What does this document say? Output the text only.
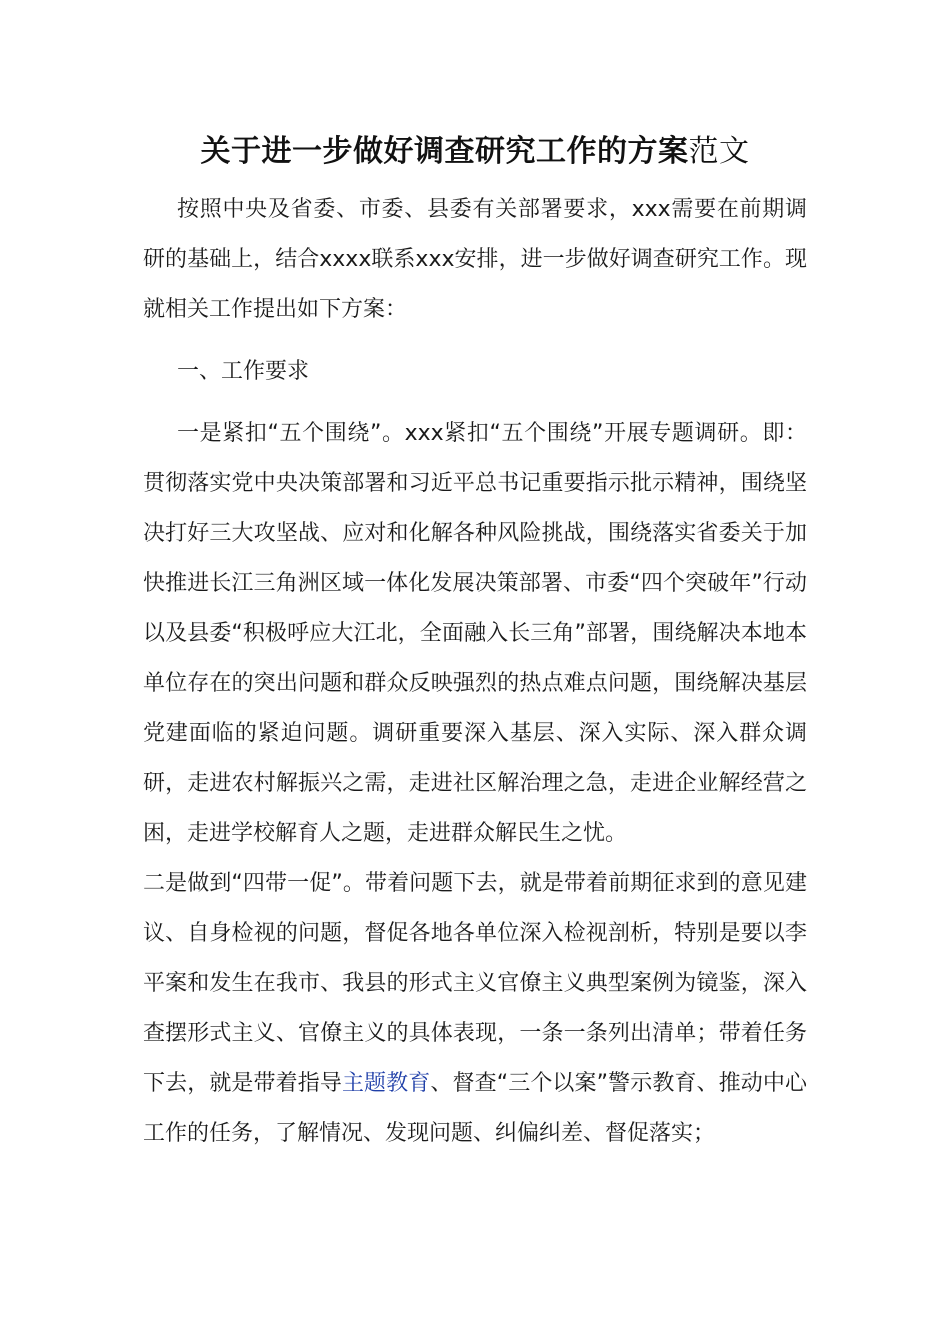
关于进一步做好调查研究工作的方案范文

按照中央及省委、市委、县委有关部署要求，xxx需要在前期调研的基础上，结合xxxx联系xxx安排，进一步做好调查研究工作。现就相关工作提出如下方案：

一、工作要求

一是紧扣“五个围绕”。xxx紧扣“五个围绕”开展专题调研。即：贯彻落实党中央决策部署和习近平总书记重要指示批示精神，围绕坚决打好三大攻坚战、应对和化解各种风险挑战，围绕落实省委关于加快推进长江三角洲区域一体化发展决策部署、市委“四个突破年”行动以及县委“积极呼应大江北，全面融入长三角”部署，围绕解决本地本单位存在的突出问题和群众反映强烈的热点难点问题，围绕解决基层党建面临的紧迫问题。调研重要深入基层、深入实际、深入群众调研，走进农村解振兴之需，走进社区解治理之急，走进企业解经营之困，走进学校解育人之题，走进群众解民生之忧。

二是做到“四带一促”。带着问题下去，就是带着前期征求到的意见建议、自身检视的问题，督促各地各单位深入检视剖析，特别是要以李平案和发生在我市、我县的形式主义官僚主义典型案例为镜鉴，深入查摆形式主义、官僚主义的具体表现，一条一条列出清单；带着任务下去，就是带着指导主题教育、督查“三个以案”警示教育、推动中心工作的任务，了解情况、发现问题、纠偏纠差、督促落实；
